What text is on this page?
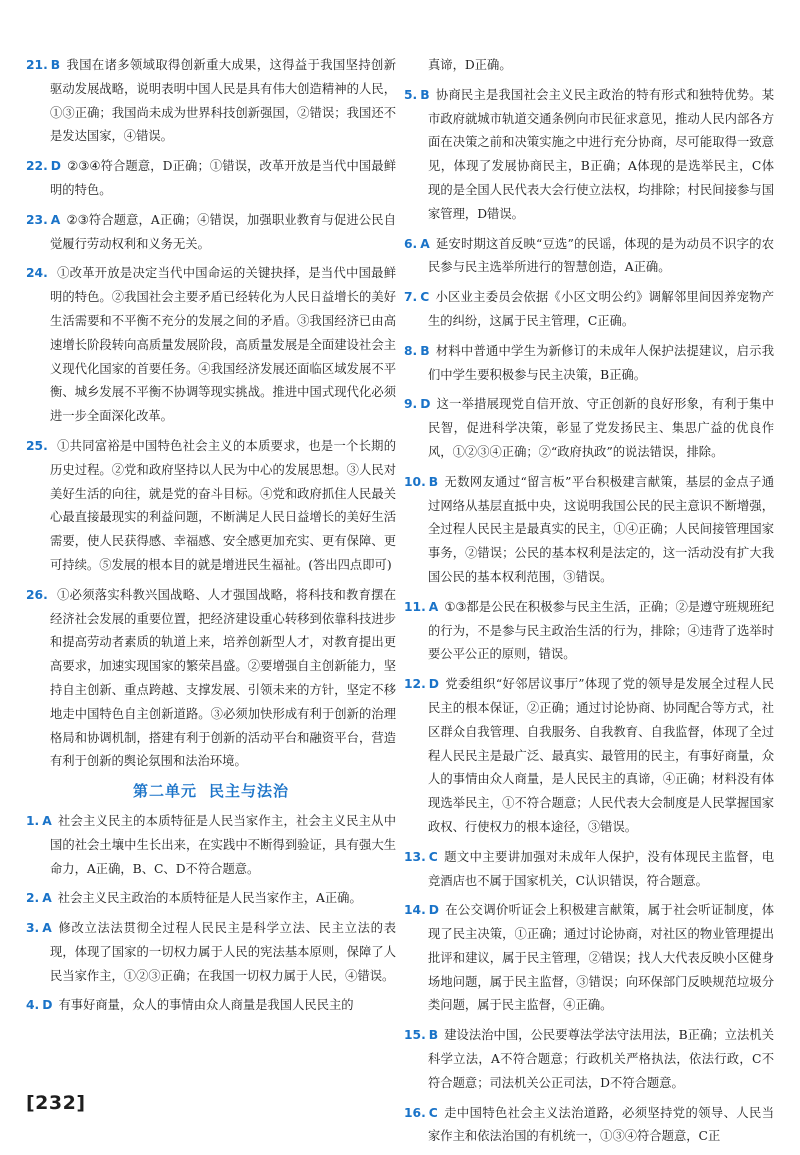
21. B 我国在诸多领域取得创新重大成果，这得益于我国坚持创新驱动发展战略，说明表明中国人民是具有伟大创造精神的人民，①③正确；我国尚未成为世界科技创新强国，②错误；我国还不是发达国家，④错误。
22. D ②③④符合题意，D正确；①错误，改革开放是当代中国最鲜明的特色。
23. A ②③符合题意，A正确；④错误，加强职业教育与促进公民自觉履行劳动权利和义务无关。
24. ①改革开放是决定当代中国命运的关键抉择，是当代中国最鲜明的特色。②我国社会主要矛盾已经转化为人民日益增长的美好生活需要和不平衡不充分的发展之间的矛盾。③我国经济已由高速增长阶段转向高质量发展阶段，高质量发展是全面建设社会主义现代化国家的首要任务。④我国经济发展还面临区域发展不平衡、城乡发展不平衡不协调等现实挑战。推进中国式现代化必须进一步全面深化改革。
25. ①共同富裕是中国特色社会主义的本质要求，也是一个长期的历史过程。②党和政府坚持以人民为中心的发展思想。③人民对美好生活的向往，就是党的奋斗目标。④党和政府抓住人民最关心最直接最现实的利益问题，不断满足人民日益增长的美好生活需要，使人民获得感、幸福感、安全感更加充实、更有保障、更可持续。⑤发展的根本目的就是增进民生福祉。(答出四点即可)
26. ①必须落实科教兴国战略、人才强国战略，将科技和教育摆在经济社会发展的重要位置，把经济建设重心转移到依靠科技进步和提高劳动者素质的轨道上来，培养创新型人才，对教育提出更高要求，加速实现国家的繁荣昌盛。②要增强自主创新能力，坚持自主创新、重点跨越、支撑发展、引领未来的方针，坚定不移地走中国特色自主创新道路。③必须加快形成有利于创新的治理格局和协调机制，搭建有利于创新的活动平台和融资平台，营造有利于创新的舆论氛围和法治环境。
第二单元 民主与法治
1. A 社会主义民主的本质特征是人民当家作主，社会主义民主从中国的社会土壤中生长出来，在实践中不断得到验证，具有强大生命力，A正确，B、C、D不符合题意。
2. A 社会主义民主政治的本质特征是人民当家作主，A正确。
3. A 修改立法法贯彻全过程人民民主是科学立法、民主立法的表现，体现了国家的一切权力属于人民的宪法基本原则，保障了人民当家作主，①②③正确；在我国一切权力属于人民，④错误。
4. D 有事好商量，众人的事情由众人商量是我国人民民主的
真谛，D正确。
5. B 协商民主是我国社会主义民主政治的特有形式和独特优势。某市政府就城市轨道交通条例向市民征求意见，推动人民内部各方面在决策之前和决策实施之中进行充分协商，尽可能取得一致意见，体现了发展协商民主，B正确；A体现的是选举民主，C体现的是全国人民代表大会行使立法权，均排除；村民间接参与国家管理，D错误。
6. A 延安时期这首反映“豆选”的民谣，体现的是为动员不识字的农民参与民主选举所进行的智慧创造，A正确。
7. C 小区业主委员会依据《小区文明公约》调解邻里间因养宠物产生的纠纷，这属于民主管理，C正确。
8. B 材料中普通中学生为新修订的未成年人保护法提建议，启示我们中学生要积极参与民主决策，B正确。
9. D 这一举措展现党自信开放、守正创新的良好形象，有利于集中民智，促进科学决策，彰显了党发扬民主、集思广益的优良作风，①②③④正确；②“政府执政”的说法错误，排除。
10. B 无数网友通过“留言板”平台积极建言献策，基层的金点子通过网络从基层直抵中央，这说明我国公民的民主意识不断增强，全过程人民民主是最真实的民主，①④正确；人民间接管理国家事务，②错误；公民的基本权利是法定的，这一活动没有扩大我国公民的基本权利范围，③错误。
11. A ①③都是公民在积极参与民主生活，正确；②是遵守班规班纪的行为，不是参与民主政治生活的行为，排除；④违背了选举时要公平公正的原则，错误。
12. D 党委组织“好邻居议事厅”体现了党的领导是发展全过程人民民主的根本保证，②正确；通过讨论协商、协同配合等方式，社区群众自我管理、自我服务、自我教育、自我监督，体现了全过程人民民主是最广泛、最真实、最管用的民主，有事好商量，众人的事情由众人商量，是人民民主的真谛，④正确；材料没有体现选举民主，①不符合题意；人民代表大会制度是人民掌握国家政权、行使权力的根本途径，③错误。
13. C 题文中主要讲加强对未成年人保护，没有体现民主监督，电竞酒店也不属于国家机关，C认识错误，符合题意。
14. D 在公交调价听证会上积极建言献策，属于社会听证制度，体现了民主决策，①正确；通过讨论协商，对社区的物业管理提出批评和建议，属于民主管理，②错误；找人大代表反映小区健身场地问题，属于民主监督，③错误；向环保部门反映规范垃圾分类问题，属于民主监督，④正确。
15. B 建设法治中国，公民要尊法学法守法用法，B正确；立法机关科学立法，A不符合题意；行政机关严格执法，依法行政，C不符合题意；司法机关公正司法，D不符合题意。
16. C 走中国特色社会主义法治道路，必须坚持党的领导、人民当家作主和依法治国的有机统一，①③④符合题意，C正
[232]
